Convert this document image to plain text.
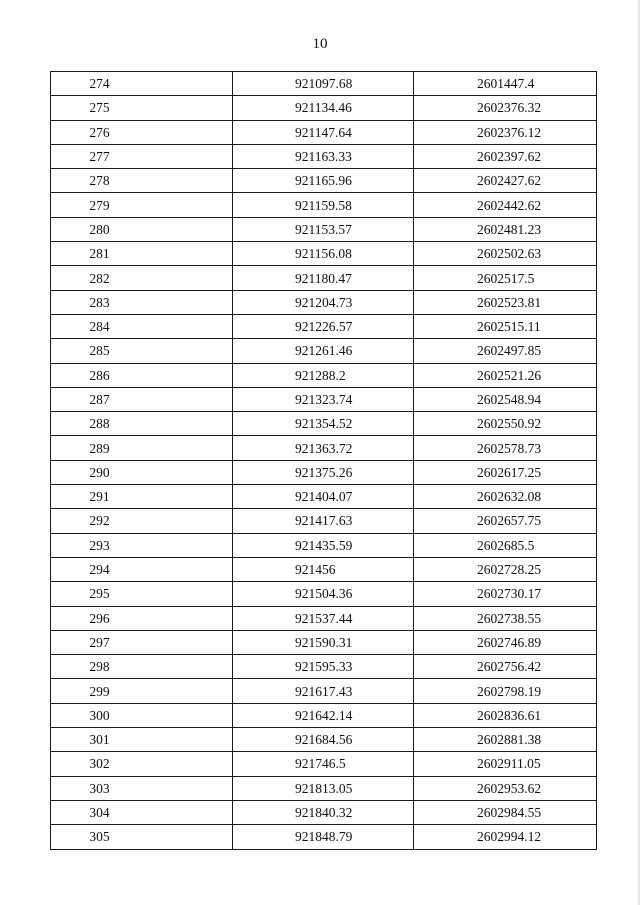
10
274	921097.68	2601447.4
275	921134.46	2602376.32
276	921147.64	2602376.12
277	921163.33	2602397.62
278	921165.96	2602427.62
279	921159.58	2602442.62
280	921153.57	2602481.23
281	921156.08	2602502.63
282	921180.47	2602517.5
283	921204.73	2602523.81
284	921226.57	2602515.11
285	921261.46	2602497.85
286	921288.2	2602521.26
287	921323.74	2602548.94
288	921354.52	2602550.92
289	921363.72	2602578.73
290	921375.26	2602617.25
291	921404.07	2602632.08
292	921417.63	2602657.75
293	921435.59	2602685.5
294	921456	2602728.25
295	921504.36	2602730.17
296	921537.44	2602738.55
297	921590.31	2602746.89
298	921595.33	2602756.42
299	921617.43	2602798.19
300	921642.14	2602836.61
301	921684.56	2602881.38
302	921746.5	2602911.05
303	921813.05	2602953.62
304	921840.32	2602984.55
305	921848.79	2602994.12
